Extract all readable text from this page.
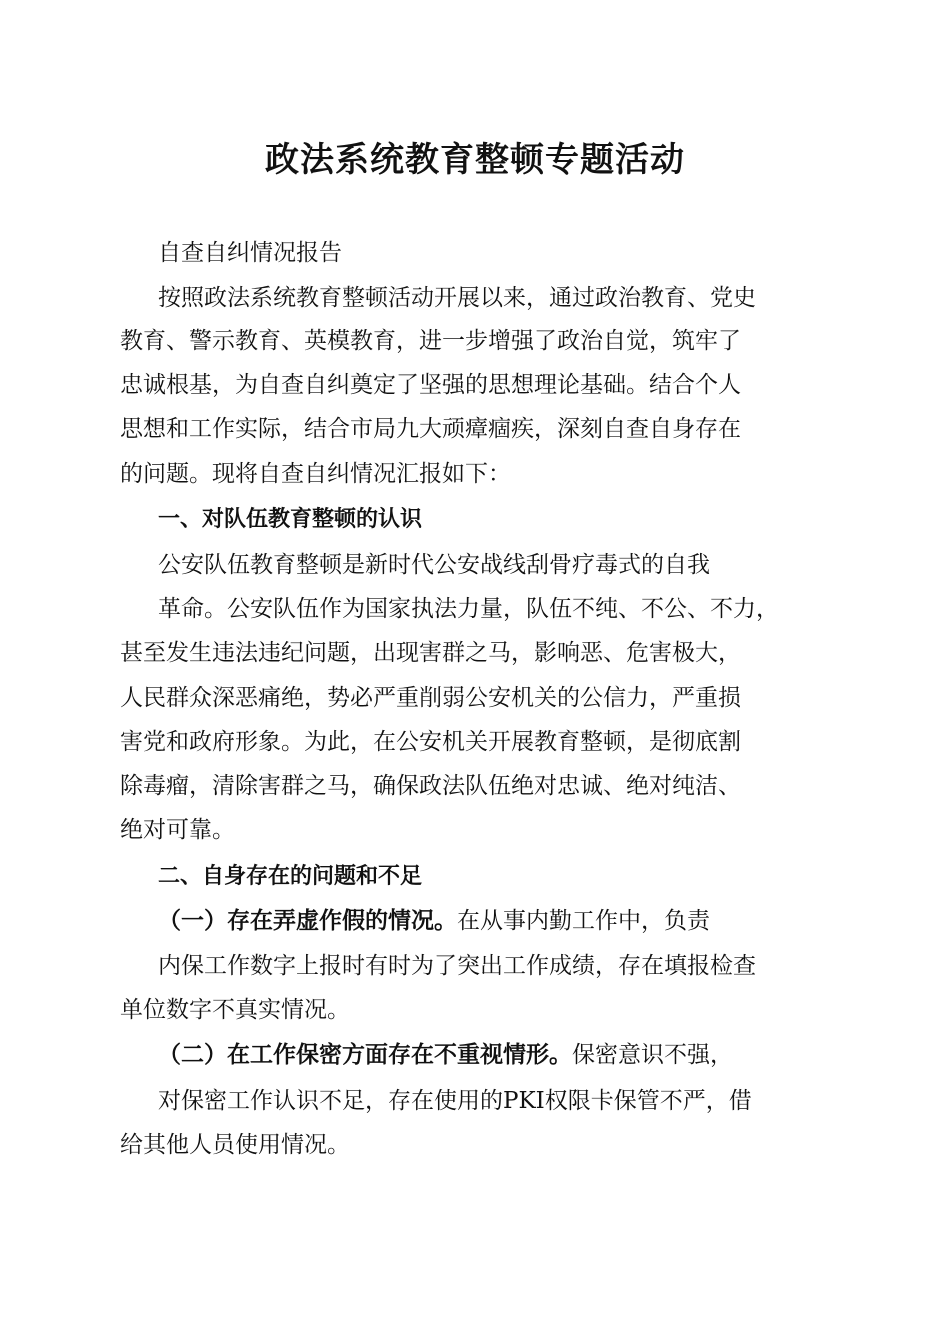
政法系统教育整顿专题活动
自查自纠情况报告
按照政法系统教育整顿活动开展以来，通过政治教育、党史
教育、警示教育、英模教育，进一步增强了政治自觉，筑牢了
忠诚根基，为自查自纠奠定了坚强的思想理论基础。结合个人
思想和工作实际，结合市局九大顽瘴痼疾，深刻自查自身存在
的问题。现将自查自纠情况汇报如下：
一、对队伍教育整顿的认识
公安队伍教育整顿是新时代公安战线刮骨疗毒式的自我
革命。公安队伍作为国家执法力量，队伍不纯、不公、不力，
甚至发生违法违纪问题，出现害群之马，影响恶、危害极大，
人民群众深恶痛绝，势必严重削弱公安机关的公信力，严重损
害党和政府形象。为此，在公安机关开展教育整顿，是彻底割
除毒瘤，清除害群之马，确保政法队伍绝对忠诚、绝对纯洁、
绝对可靠。
二、自身存在的问题和不足
（一）存在弄虚作假的情况。在从事内勤工作中，负责
内保工作数字上报时有时为了突出工作成绩，存在填报检查
单位数字不真实情况。
（二）在工作保密方面存在不重视情形。保密意识不强，
对保密工作认识不足，存在使用的PKI权限卡保管不严，借
给其他人员使用情况。
